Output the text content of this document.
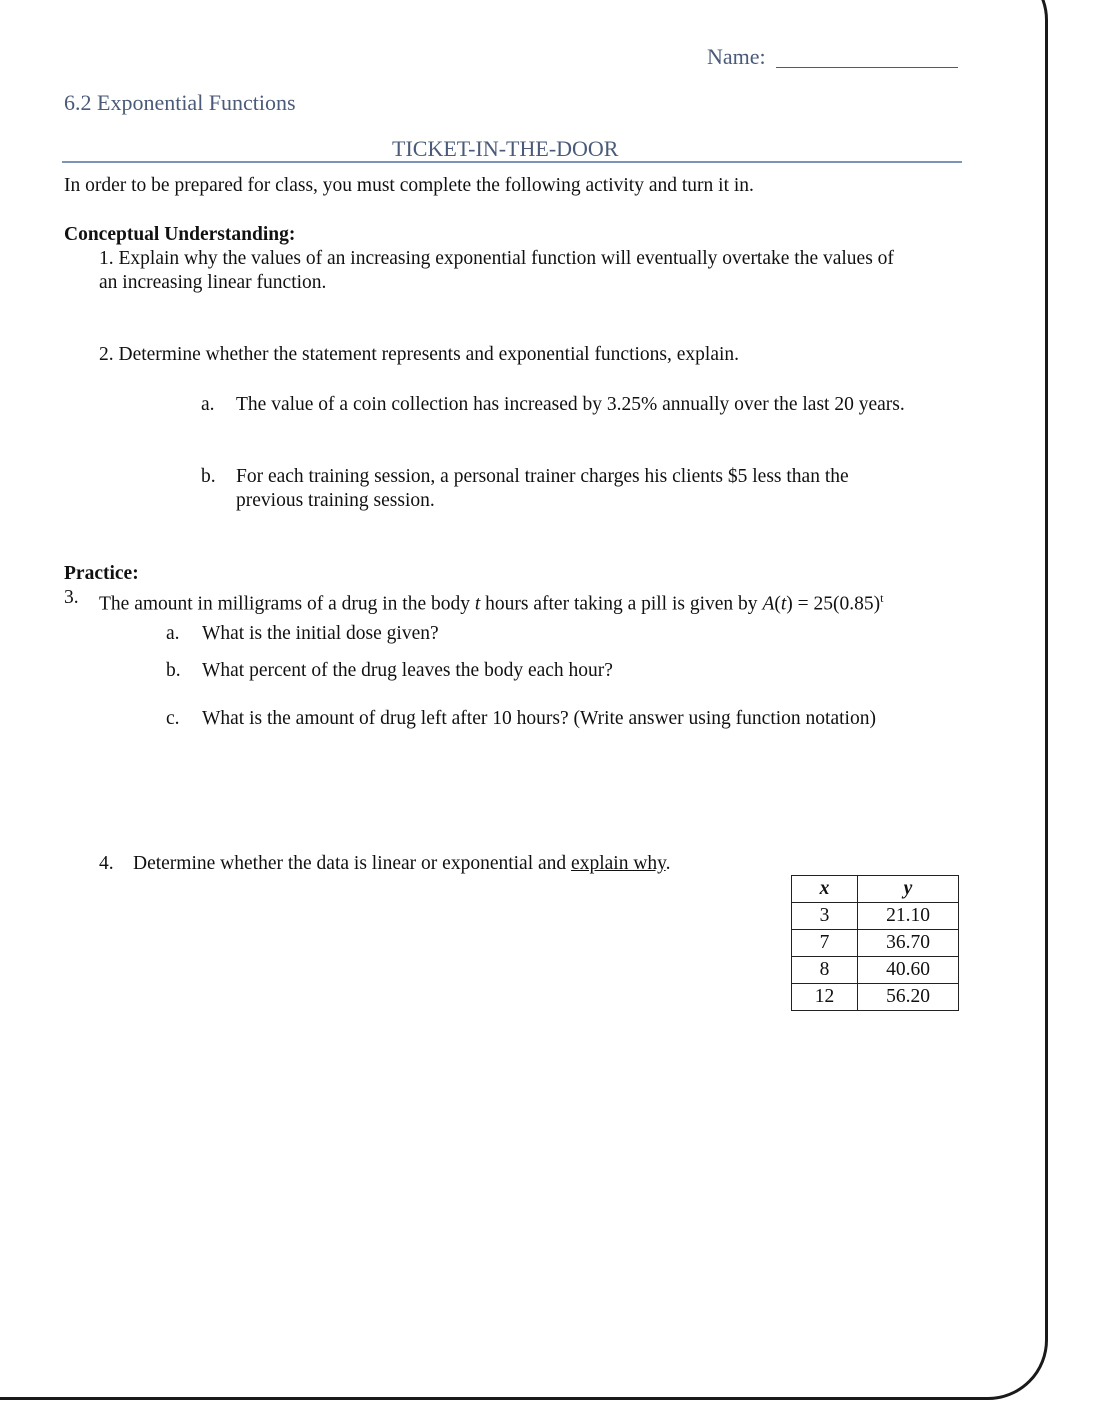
Name:
6.2 Exponential Functions
TICKET-IN-THE-DOOR
In order to be prepared for class, you must complete the following activity and turn it in.
Conceptual Understanding:
1. Explain why the values of an increasing exponential function will eventually overtake the values of
an increasing linear function.
2. Determine whether the statement represents and exponential functions, explain.
a. The value of a coin collection has increased by 3.25% annually over the last 20 years.
b. For each training session, a personal trainer charges his clients $5 less than the
previous training session.
Practice:
3. The amount in milligrams of a drug in the body t hours after taking a pill is given by $A(t) = 25(0.85)^t$
a. What is the initial dose given?
b. What percent of the drug leaves the body each hour?
c. What is the amount of drug left after 10 hours? (Write answer using function notation)
4. Determine whether the data is linear or exponential and explain why.
x	y
3	21.10
7	36.70
8	40.60
12	56.20
